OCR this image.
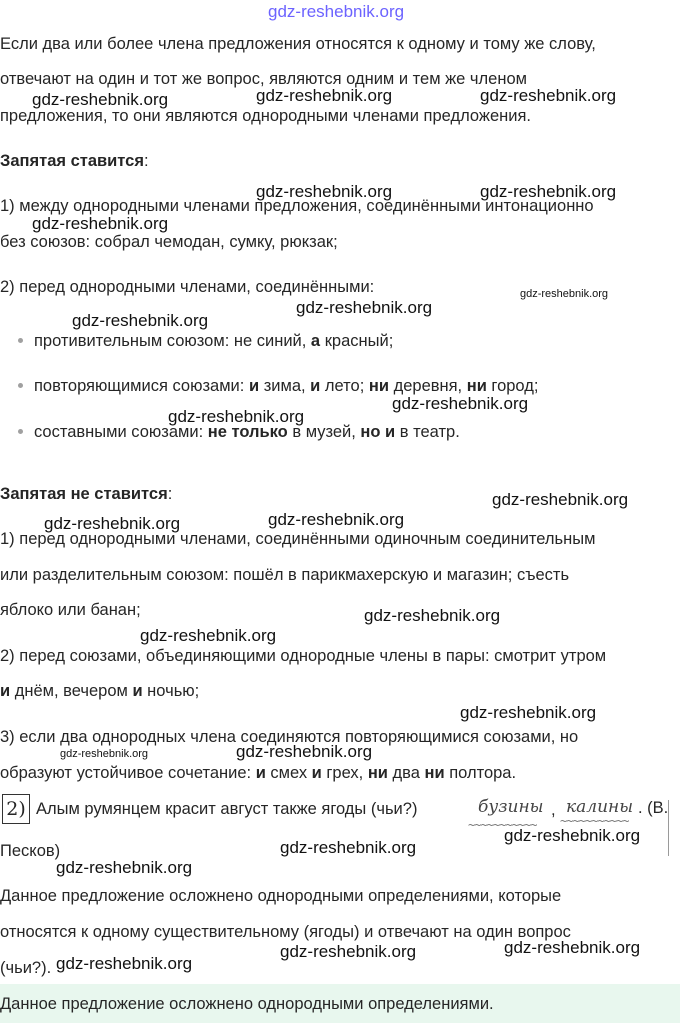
gdz-reshebnik.org
Если два или более члена предложения относятся к одному и тому же слову,
отвечают на один и тот же вопрос, являются одним и тем же членом
предложения, то они являются однородными членами предложения.
Запятая ставится:
1) между однородными членами предложения, соединёнными интонационно
без союзов: собрал чемодан, сумку, рюкзак;
2) перед однородными членами, соединёнными:
противительным союзом: не синий, а красный;
повторяющимися союзами: и зима, и лето; ни деревня, ни город;
составными союзами: не только в музей, но и в театр.
Запятая не ставится:
1) перед однородными членами, соединёнными одиночным соединительным
или разделительным союзом: пошёл в парикмахерскую и магазин; съесть
яблоко или банан;
2) перед союзами, объединяющими однородные члены в пары: смотрит утром
и днём, вечером и ночью;
3) если два однородных члена соединяются повторяющимися союзами, но
образуют устойчивое сочетание: и смех и грех, ни два ни полтора.
2) Алым румянцем красит август также ягоды (чьи?)	бузины , калины . (В.
~~~~~~~~~~~ ~~~~~~~~~~~
Песков)
Данное предложение осложнено однородными определениями, которые
относятся к одному существительному (ягоды) и отвечают на один вопрос
(чьи?).
Данное предложение осложнено однородными определениями.
gdz-reshebnik.org	gdz-reshebnik.org	gdz-reshebnik.org
gdz-reshebnik.org	gdz-reshebnik.org
gdz-reshebnik.org
gdz-reshebnik.org
gdz-reshebnik.org
gdz-reshebnik.org
gdz-reshebnik.org
gdz-reshebnik.org
gdz-reshebnik.org
gdz-reshebnik.org
gdz-reshebnik.org
gdz-reshebnik.org
gdz-reshebnik.org
gdz-reshebnik.org
gdz-reshebnik.org
gdz-reshebnik.org
gdz-reshebnik.org
gdz-reshebnik.org
gdz-reshebnik.org
gdz-reshebnik.org
gdz-reshebnik.org
gdz-reshebnik.org
